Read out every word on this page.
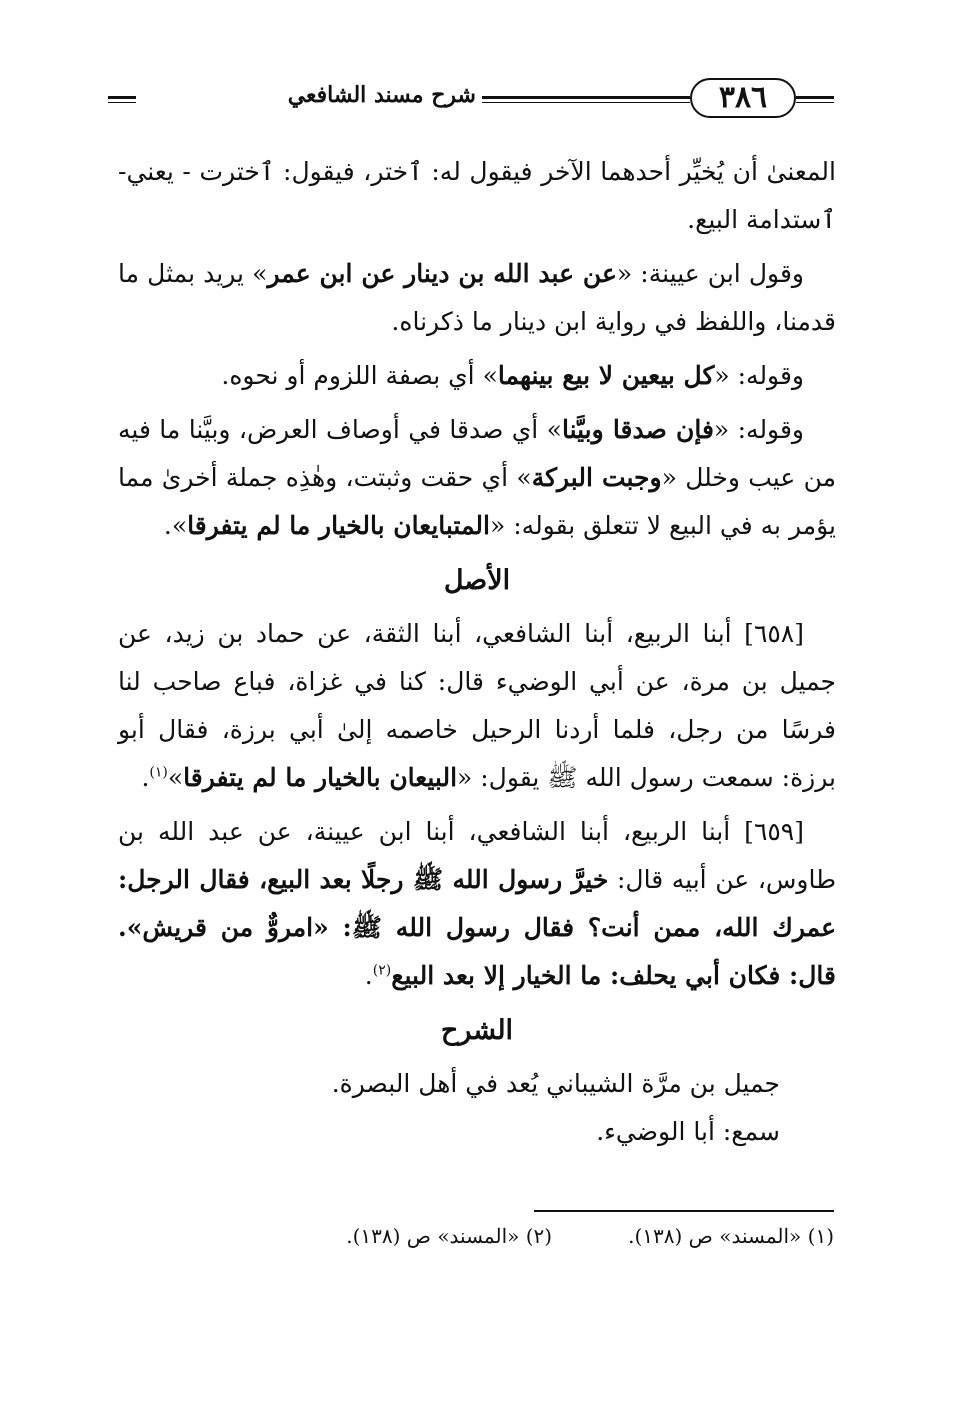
٣٨٦
شرح مسند الشافعي

المعنىٰ أن يُخيِّر أحدهما الآخر فيقول له: ٱختر، فيقول: ٱخترت - يعني- ٱستدامة البيع.

وقول ابن عيينة: «عن عبد الله بن دينار عن ابن عمر» يريد بمثل ما قدمنا، واللفظ في رواية ابن دينار ما ذكرناه.

وقوله: «كل بيعين لا بيع بينهما» أي بصفة اللزوم أو نحوه.

وقوله: «فإن صدقا وبيَّنا» أي صدقا في أوصاف العرض، وبيَّنا ما فيه من عيب وخلل «وجبت البركة» أي حقت وثبتت، وهٰذِه جملة أخرىٰ مما يؤمر به في البيع لا تتعلق بقوله: «المتبايعان بالخيار ما لم يتفرقا».

الأصل

[٦٥٨] أبنا الربيع، أبنا الشافعي، أبنا الثقة، عن حماد بن زيد، عن جميل بن مرة، عن أبي الوضيء قال: كنا في غزاة، فباع صاحب لنا فرسًا من رجل، فلما أردنا الرحيل خاصمه إلىٰ أبي برزة، فقال أبو برزة: سمعت رسول الله ﷺ يقول: «البيعان بالخيار ما لم يتفرقا»$^{(١)}$.

[٦٥٩] أبنا الربيع، أبنا الشافعي، أبنا ابن عيينة، عن عبد الله بن طاوس، عن أبيه قال: خيرَّ رسول الله ﷺ رجلًا بعد البيع، فقال الرجل: عمرك الله، ممن أنت؟ فقال رسول الله ﷺ: «امروٌّ من قريش». قال: فكان أبي يحلف: ما الخيار إلا بعد البيع$^{(٢)}$.

الشرح

جميل بن مرَّة الشيباني يُعد في أهل البصرة.

سمع: أبا الوضيء.

(١) «المسند» ص (١٣٨).
(٢) «المسند» ص (١٣٨).
